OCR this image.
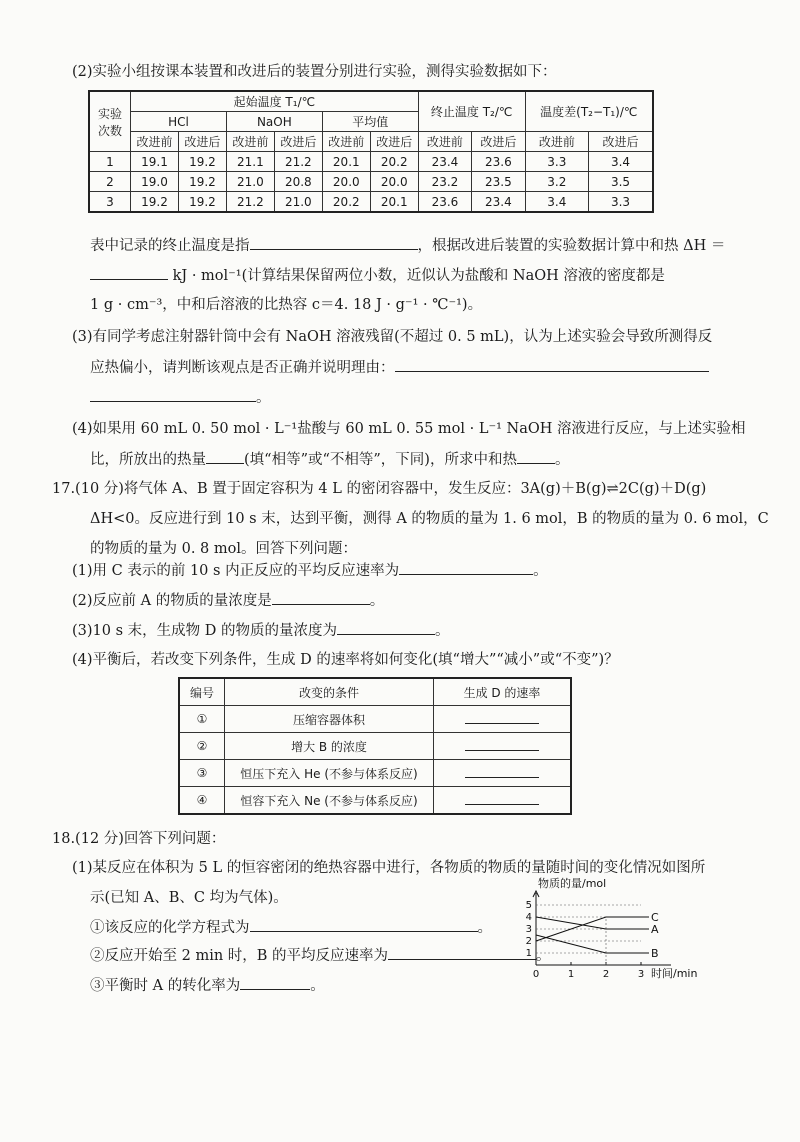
(2)实验小组按课本装置和改进后的装置分别进行实验，测得实验数据如下：
实验
次数	起始温度 T₁/℃						终止温度 T₂/℃		温度差(T₂−T₁)/℃	
	HCl		NaOH		平均值					
	改进前	改进后	改进前	改进后	改进前	改进后	改进前	改进后	改进前	改进后
1	19.1	19.2	21.1	21.2	20.1	20.2	23.4	23.6	3.3	3.4
2	19.0	19.2	21.0	20.8	20.0	20.0	23.2	23.5	3.2	3.5
3	19.2	19.2	21.2	21.0	20.2	20.1	23.6	23.4	3.4	3.3
表中记录的终止温度是指	，根据改进后装置的实验数据计算中和热 ΔH ＝
kJ · mol⁻¹(计算结果保留两位小数，近似认为盐酸和 NaOH 溶液的密度都是
1 g · cm⁻³，中和后溶液的比热容 c＝4. 18 J · g⁻¹ · ℃⁻¹)。
(3)有同学考虑注射器针筒中会有 NaOH 溶液残留(不超过 0. 5 mL)，认为上述实验会导致所测得反
应热偏小，请判断该观点是否正确并说明理由：
。
(4)如果用 60 mL 0. 50 mol · L⁻¹盐酸与 60 mL 0. 55 mol · L⁻¹ NaOH 溶液进行反应，与上述实验相
比，所放出的热量	(填“相等”或“不相等”，下同)，所求中和热	。
17.(10 分)将气体 A、B 置于固定容积为 4 L 的密闭容器中，发生反应：3A(g)＋B(g)⇌2C(g)＋D(g)
ΔH<0。反应进行到 10 s 末，达到平衡，测得 A 的物质的量为 1. 6 mol，B 的物质的量为 0. 6 mol，C
的物质的量为 0. 8 mol。回答下列问题：
(1)用 C 表示的前 10 s 内正反应的平均反应速率为	。
(2)反应前 A 的物质的量浓度是	。
(3)10 s 末，生成物 D 的物质的量浓度为	。
(4)平衡后，若改变下列条件，生成 D 的速率将如何变化(填“增大”“减小”或“不变”)？
编号	改变的条件	生成 D 的速率
①	压缩容器体积	
②	增大 B 的浓度	
③	恒压下充入 He (不参与体系反应)	
④	恒容下充入 Ne (不参与体系反应)	
18.(12 分)回答下列问题：
(1)某反应在体积为 5 L 的恒容密闭的绝热容器中进行，各物质的物质的量随时间的变化情况如图所
示(已知 A、B、C 均为气体)。
①该反应的化学方程式为	。
②反应开始至 2 min 时，B 的平均反应速率为	。
③平衡时 A 的转化率为	。
1
2
3
4
5
0	1	2	3
物质的量/mol
时间/min
C
A
B
